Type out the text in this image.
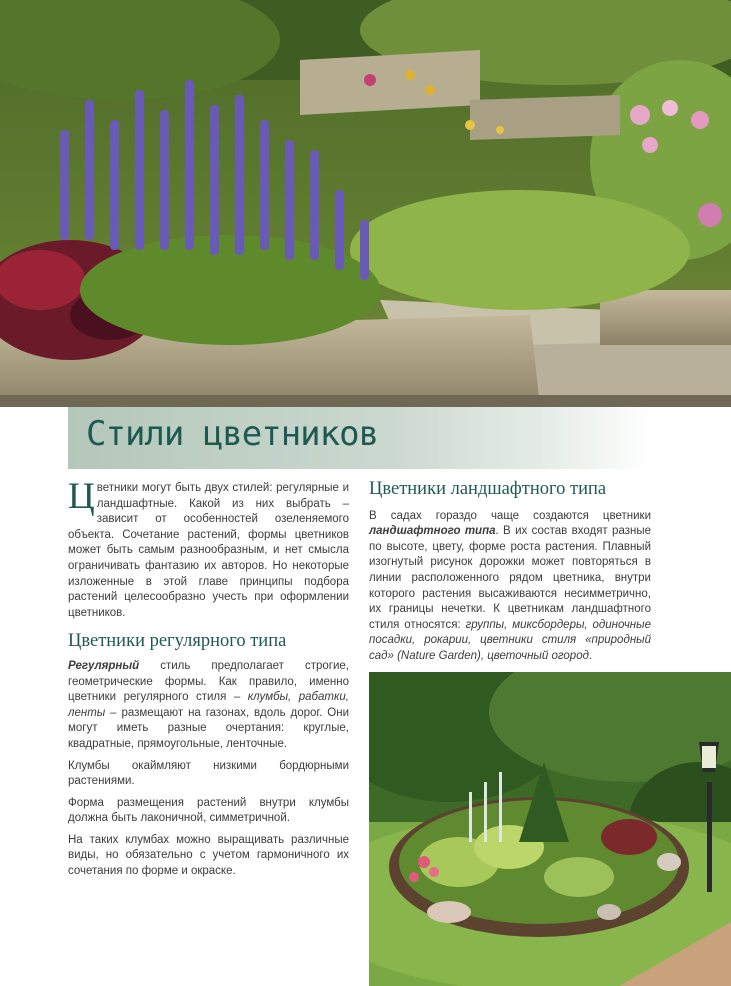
Стили цветников

Цветники могут быть двух стилей: регулярные и ландшафтные. Какой из них выбрать – зависит от особенностей озеленяемого объекта. Сочетание растений, формы цветников может быть самым разнообразным, и нет смысла ограничивать фантазию их авторов. Но некоторые изложенные в этой главе принципы подбора растений целесообразно учесть при оформлении цветников.

Цветники регулярного типа

Регулярный стиль предполагает строгие, геометрические формы. Как правило, именно цветники регулярного стиля – клумбы, рабатки, ленты – размещают на газонах, вдоль дорог. Они могут иметь разные очертания: круглые, квадратные, прямоугольные, ленточные.

Клумбы окаймляют низкими бордюрными растениями.

Форма размещения растений внутри клумбы должна быть лаконичной, симметричной.

На таких клумбах можно выращивать различные виды, но обязательно с учетом гармоничного их сочетания по форме и окраске.

Цветники ландшафтного типа

В садах гораздо чаще создаются цветники ландшафтного типа. В их состав входят разные по высоте, цвету, форме роста растения. Плавный изогнутый рисунок дорожки может повторяться в линии расположенного рядом цветника, внутри которого растения высаживаются несимметрично, их границы нечетки. К цветникам ландшафтного стиля относятся: группы, миксбордеры, одиночные посадки, рокарии, цветники стиля «природный сад» (Nature Garden), цветочный огород.
